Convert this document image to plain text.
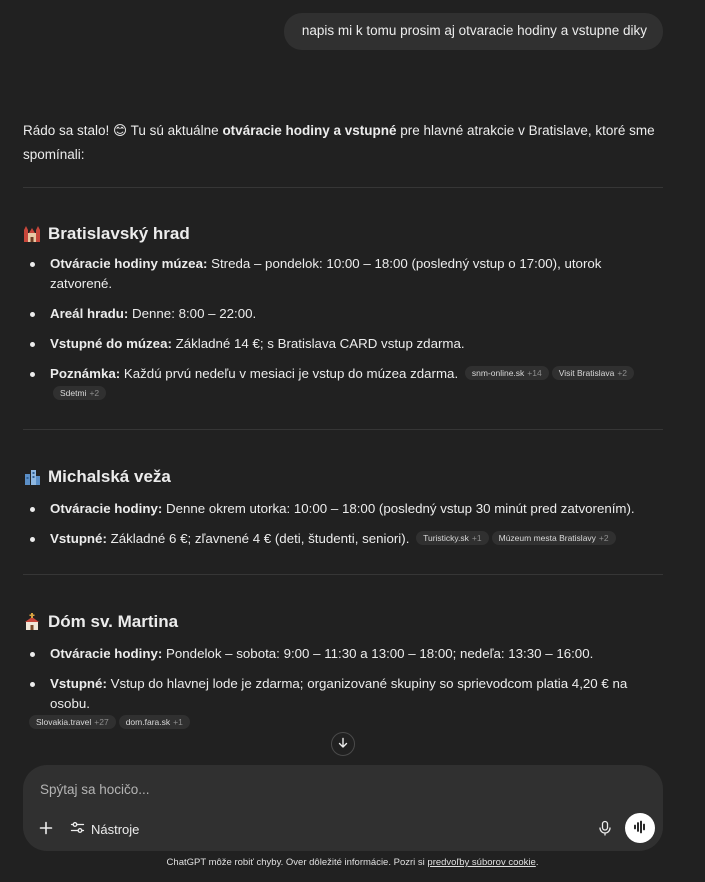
napis mi k tomu prosim aj otvaracie hodiny a vstupne diky

Rádo sa stalo! 😊 Tu sú aktuálne otváracie hodiny a vstupné pre hlavné atrakcie v Bratislave, ktoré sme spomínali:

Bratislavský hrad
Otváracie hodiny múzea: Streda – pondelok: 10:00 – 18:00 (posledný vstup o 17:00), utorok zatvorené.
Areál hradu: Denne: 8:00 – 22:00.
Vstupné do múzea: Základné 14 €; s Bratislava CARD vstup zdarma.
Poznámka: Každú prvú nedeľu v mesiaci je vstup do múzea zdarma. snm-online.sk +14 Visit Bratislava +2Sdetmi +2
Michalská veža
Otváracie hodiny: Denne okrem utorka: 10:00 – 18:00 (posledný vstup 30 minút pred zatvorením).
Vstupné: Základné 6 €; zľavnené 4 € (deti, študenti, seniori). Turisticky.sk +1 Múzeum mesta Bratislavy +2
Dóm sv. Martina
Otváracie hodiny: Pondelok – sobota: 9:00 – 11:30 a 13:00 – 18:00; nedeľa: 13:30 – 16:00.
Vstupné: Vstup do hlavnej lode je zdarma; organizované skupiny so sprievodcom platia 4,20 € na osobu.
Slovakia.travel +27 dom.fara.sk +1
Spýtaj sa hocičo...
Nástroje
ChatGPT môže robiť chyby. Over dôležité informácie. Pozri si predvoľby súborov cookie.
